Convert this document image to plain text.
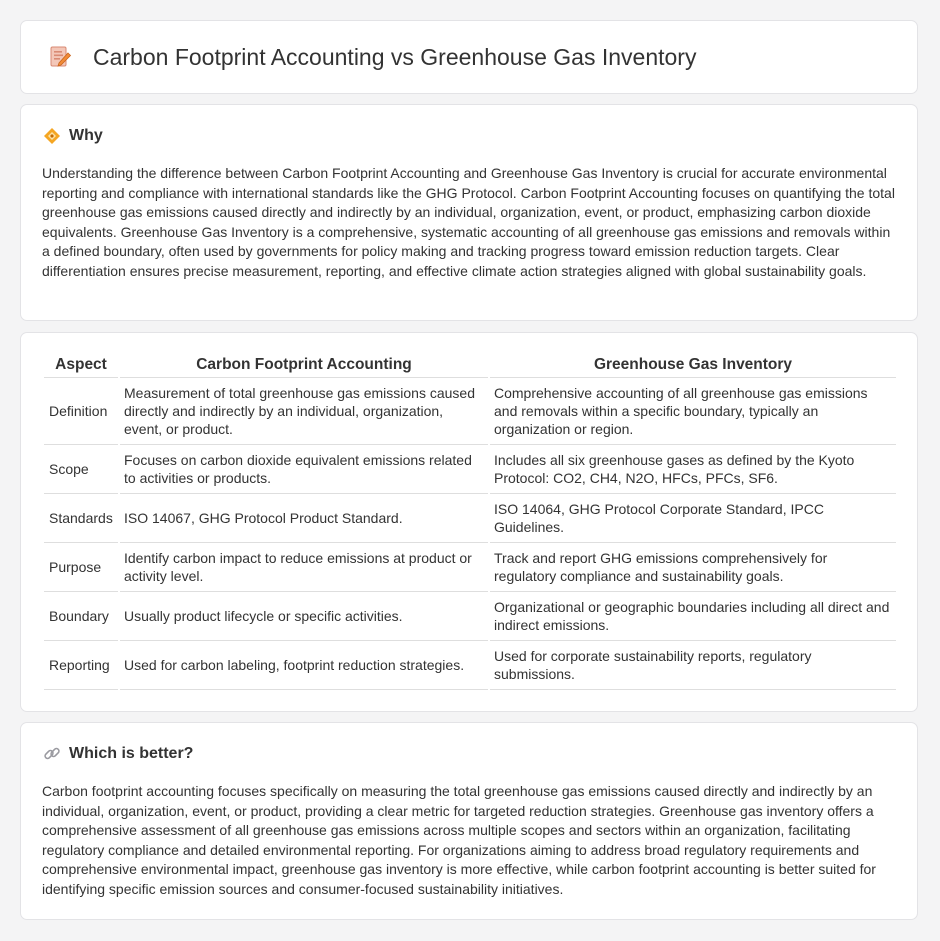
Carbon Footprint Accounting vs Greenhouse Gas Inventory
Why

Understanding the difference between Carbon Footprint Accounting and Greenhouse Gas Inventory is crucial for accurate environmental reporting and compliance with international standards like the GHG Protocol. Carbon Footprint Accounting focuses on quantifying the total greenhouse gas emissions caused directly and indirectly by an individual, organization, event, or product, emphasizing carbon dioxide equivalents. Greenhouse Gas Inventory is a comprehensive, systematic accounting of all greenhouse gas emissions and removals within a defined boundary, often used by governments for policy making and tracking progress toward emission reduction targets. Clear differentiation ensures precise measurement, reporting, and effective climate action strategies aligned with global sustainability goals.

Aspect	Carbon Footprint Accounting	Greenhouse Gas Inventory
Definition	Measurement of total greenhouse gas emissions caused directly and indirectly by an individual, organization, event, or product.	Comprehensive accounting of all greenhouse gas emissions and removals within a specific boundary, typically an organization or region.
Scope	Focuses on carbon dioxide equivalent emissions related to activities or products.	Includes all six greenhouse gases as defined by the Kyoto Protocol: CO2, CH4, N2O, HFCs, PFCs, SF6.
Standards	ISO 14067, GHG Protocol Product Standard.	ISO 14064, GHG Protocol Corporate Standard, IPCC Guidelines.
Purpose	Identify carbon impact to reduce emissions at product or activity level.	Track and report GHG emissions comprehensively for regulatory compliance and sustainability goals.
Boundary	Usually product lifecycle or specific activities.	Organizational or geographic boundaries including all direct and indirect emissions.
Reporting	Used for carbon labeling, footprint reduction strategies.	Used for corporate sustainability reports, regulatory submissions.
Which is better?

Carbon footprint accounting focuses specifically on measuring the total greenhouse gas emissions caused directly and indirectly by an individual, organization, event, or product, providing a clear metric for targeted reduction strategies. Greenhouse gas inventory offers a comprehensive assessment of all greenhouse gas emissions across multiple scopes and sectors within an organization, facilitating regulatory compliance and detailed environmental reporting. For organizations aiming to address broad regulatory requirements and comprehensive environmental impact, greenhouse gas inventory is more effective, while carbon footprint accounting is better suited for identifying specific emission sources and consumer-focused sustainability initiatives.
